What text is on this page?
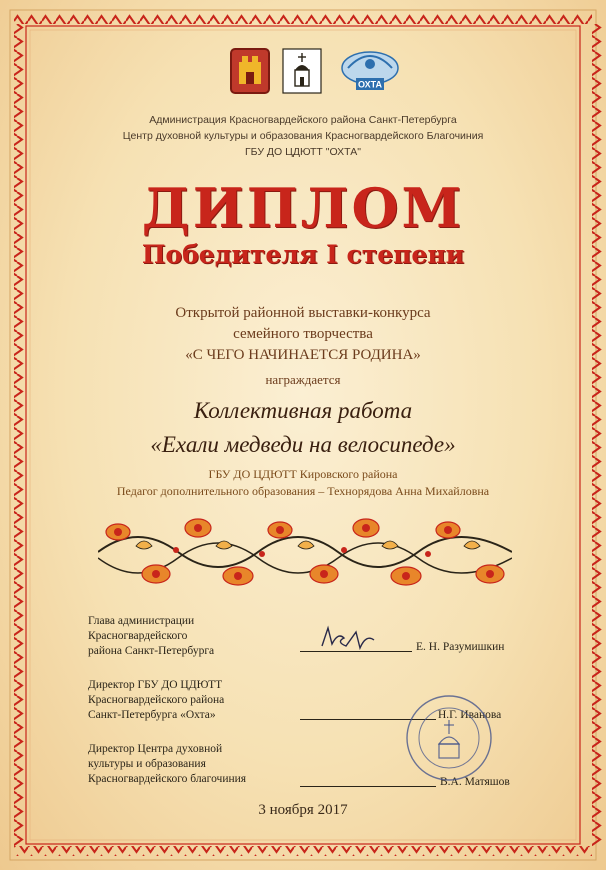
ОХТА
Администрация Красногвардейского района Санкт-Петербурга
Центр духовной культуры и образования Красногвардейского Благочиния
ГБУ ДО ЦДЮТТ "ОХТА"
ДИПЛОМ
Победителя I степени
Открытой районной выставки-конкурса
семейного творчества
«С ЧЕГО НАЧИНАЕТСЯ РОДИНА»
награждается
Коллективная работа
«Ехали медведи на велосипеде»
ГБУ ДО ЦДЮТТ Кировского района
Педагог дополнительного образования – Технорядова Анна Михайловна
Глава администрации
Красногвардейского
района Санкт-Петербурга	Е. Н. Разумишкин
Директор ГБУ ДО ЦДЮТТ
Красногвардейского района
Санкт-Петербурга «Охта»	Н.Г. Иванова
Директор Центра духовной
культуры и образования
Красногвардейского благочиния	В.А. Матяшов
3 ноября 2017
